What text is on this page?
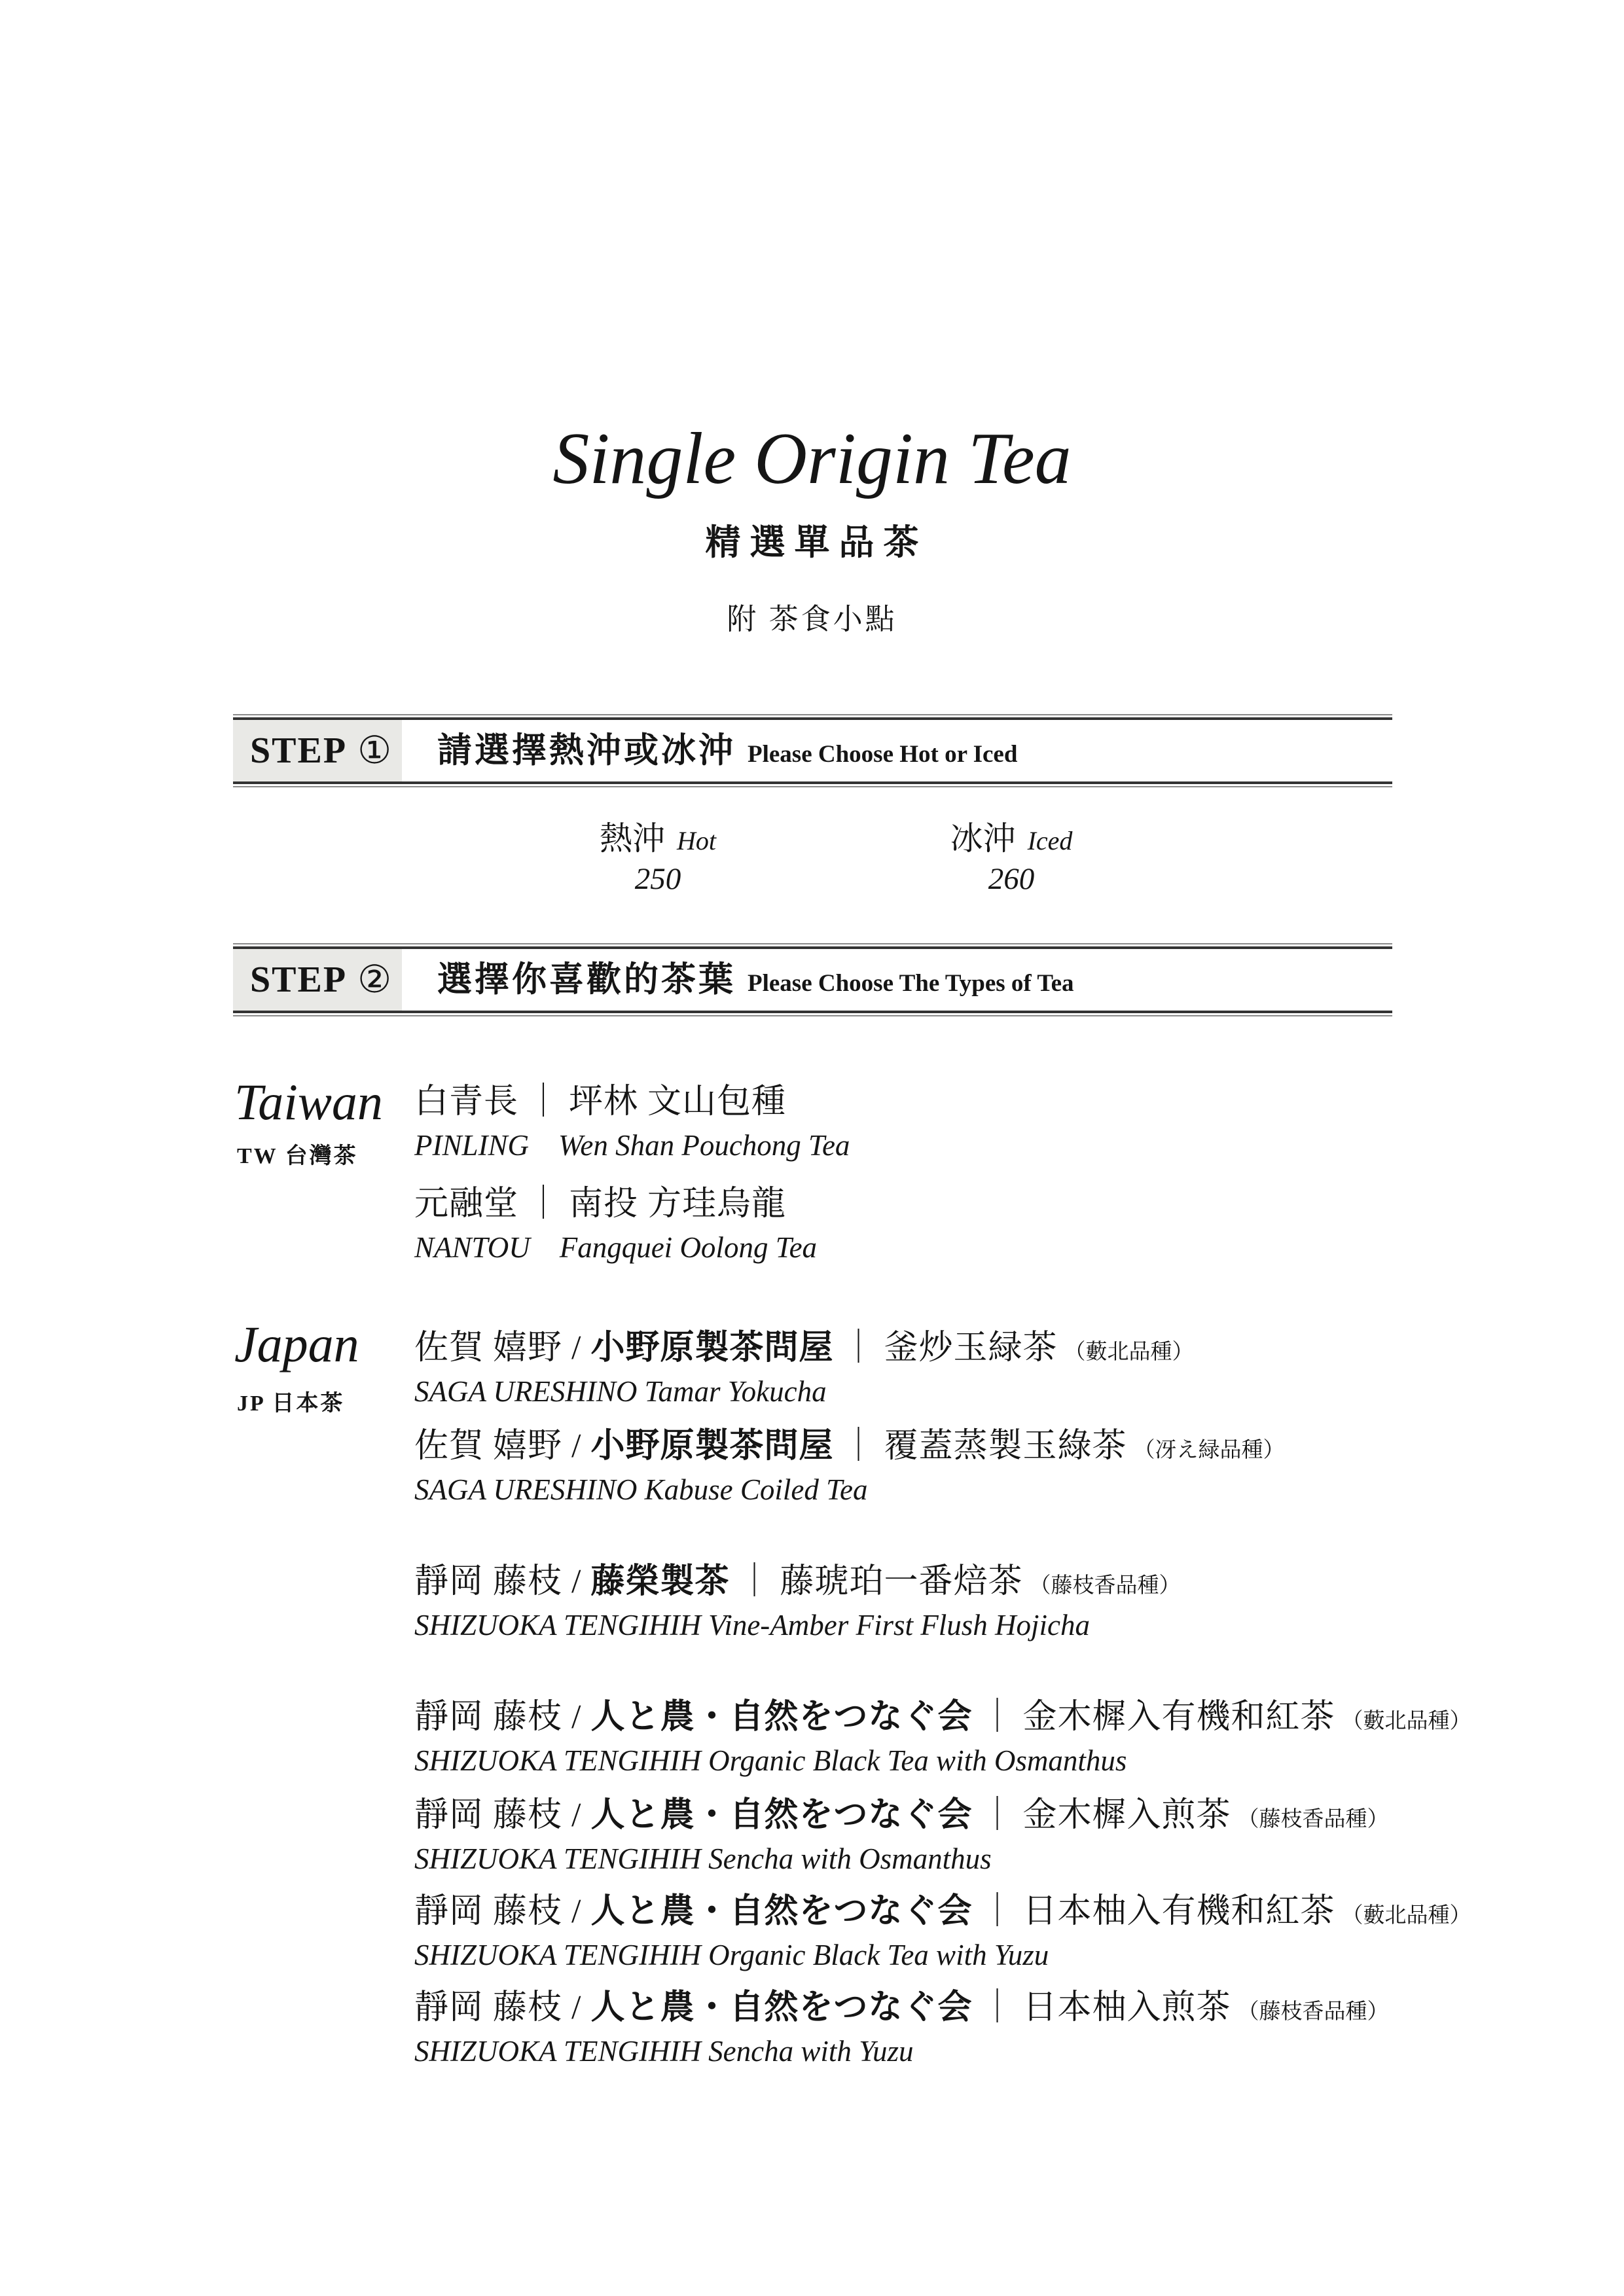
Single Origin Tea
精選單品茶
附 茶食小點
STEP ① 請選擇熱沖或冰沖 Please Choose Hot or Iced
熱沖 Hot
250
冰沖 Iced
260
STEP ② 選擇你喜歡的茶葉 Please Choose The Types of Tea
Taiwan
TW 台灣茶
Japan
JP 日本茶
白青長 ｜ 坪林 文山包種
PINLING    Wen Shan Pouchong Tea
元融堂 ｜ 南投 方珪烏龍
NANTOU    Fangquei Oolong Tea
佐賀 嬉野 / 小野原製茶問屋 ｜ 釜炒玉緑茶 （藪北品種）
SAGA URESHINO Tamar Yokucha
佐賀 嬉野 / 小野原製茶問屋 ｜ 覆蓋蒸製玉綠茶 （冴え緑品種）
SAGA URESHINO Kabuse Coiled Tea
靜岡 藤枝 / 藤榮製茶 ｜ 藤琥珀一番焙茶 （藤枝香品種）
SHIZUOKA TENGIHIH Vine-Amber First Flush Hojicha
靜岡 藤枝 / 人と農・自然をつなぐ会 ｜ 金木樨入有機和紅茶 （藪北品種）
SHIZUOKA TENGIHIH Organic Black Tea with Osmanthus
靜岡 藤枝 / 人と農・自然をつなぐ会 ｜ 金木樨入煎茶 （藤枝香品種）
SHIZUOKA TENGIHIH Sencha with Osmanthus
靜岡 藤枝 / 人と農・自然をつなぐ会 ｜ 日本柚入有機和紅茶 （藪北品種）
SHIZUOKA TENGIHIH Organic Black Tea with Yuzu
靜岡 藤枝 / 人と農・自然をつなぐ会 ｜ 日本柚入煎茶 （藤枝香品種）
SHIZUOKA TENGIHIH Sencha with Yuzu
